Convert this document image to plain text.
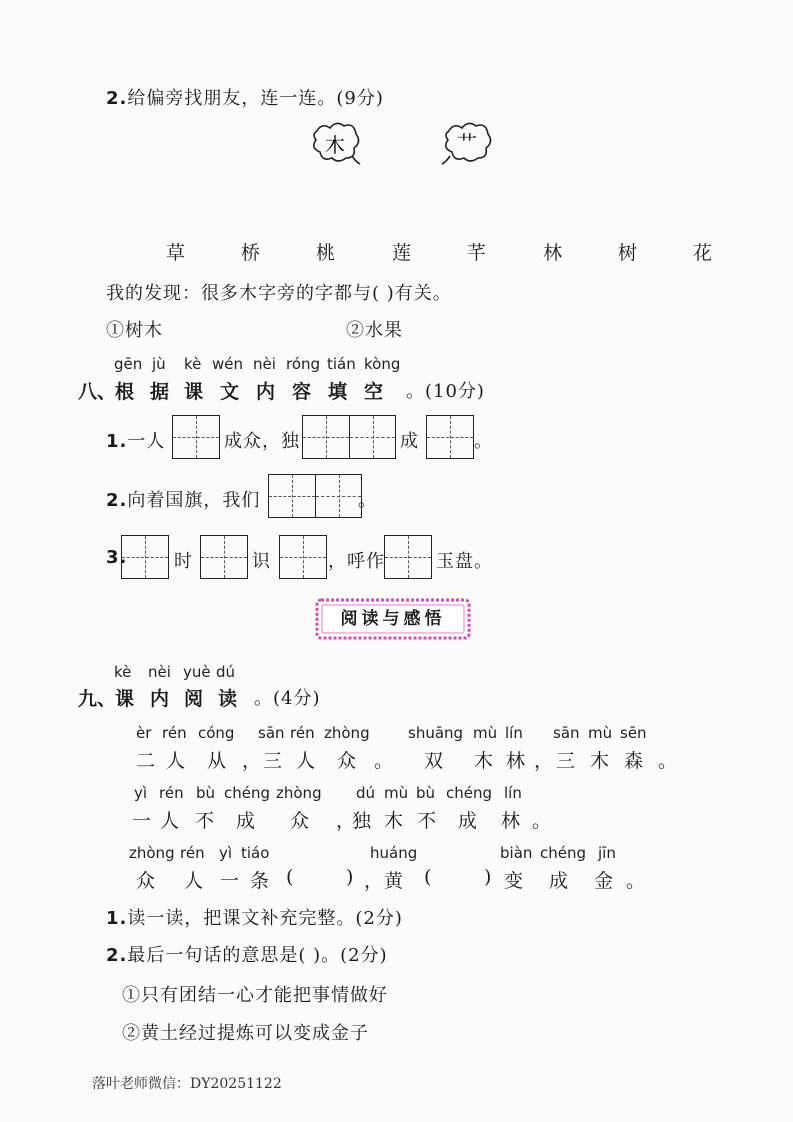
2.给偏旁找朋友，连一连。(9分)
木	艹
草	桥	桃	莲	芊	林	树	花
我的发现：很多木字旁的字都与( )有关。
①树木	②水果
gēn jù kè wén nèi róng tián kòng
八、
根 据 课 文 内 容 填 空 。(10分)
1.一人	成众，独	成	。
2.向着国旗，我们	。
3.	时	识	，呼作	玉盘。
阅读与感悟
kè nèi yuè dú
九、
课 内 阅 读 。(4分)
èr rén cóng sān rén zhòng	shuāng mù lín sān mù sēn
二 人 从 ， 三 人 众 。 双 木 林 ， 三 木 森 。
yì rén bù chéng zhòng dú mù bù chéng lín
一 人 不 成 众 ，
独 木 不 成 林 。
zhòng rén yì tiáo	huáng	biàn chéng jīn
众 人 一 条 (	) ， 黄 (	) 变 成 金 。
1.读一读，把课文补充完整。(2分)
2.最后一句话的意思是( )。(2分)
①只有团结一心才能把事情做好
②黄土经过提炼可以变成金子
落叶老师微信：DY20251122
